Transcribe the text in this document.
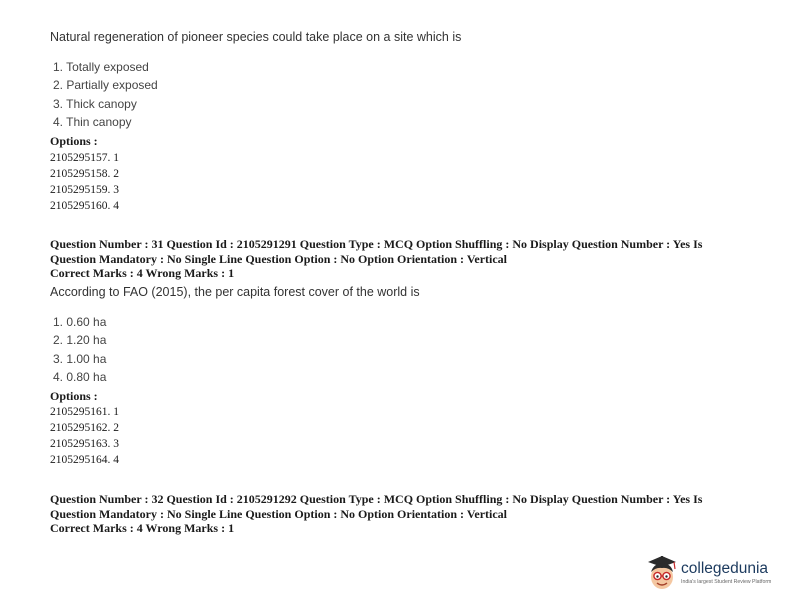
Natural regeneration of pioneer species could take place on a site which is
1. Totally exposed
2. Partially exposed
3. Thick canopy
4. Thin canopy
Options :
2105295157. 1
2105295158. 2
2105295159. 3
2105295160. 4
Question Number : 31 Question Id : 2105291291 Question Type : MCQ Option Shuffling : No Display Question Number : Yes Is
Question Mandatory : No Single Line Question Option : No Option Orientation : Vertical
Correct Marks : 4 Wrong Marks : 1
According to FAO (2015), the per capita forest cover of the world is
1. 0.60 ha
2. 1.20 ha
3. 1.00 ha
4. 0.80 ha
Options :
2105295161. 1
2105295162. 2
2105295163. 3
2105295164. 4
Question Number : 32 Question Id : 2105291292 Question Type : MCQ Option Shuffling : No Display Question Number : Yes Is
Question Mandatory : No Single Line Question Option : No Option Orientation : Vertical
Correct Marks : 4 Wrong Marks : 1
collegedunia
India's largest Student Review Platform
